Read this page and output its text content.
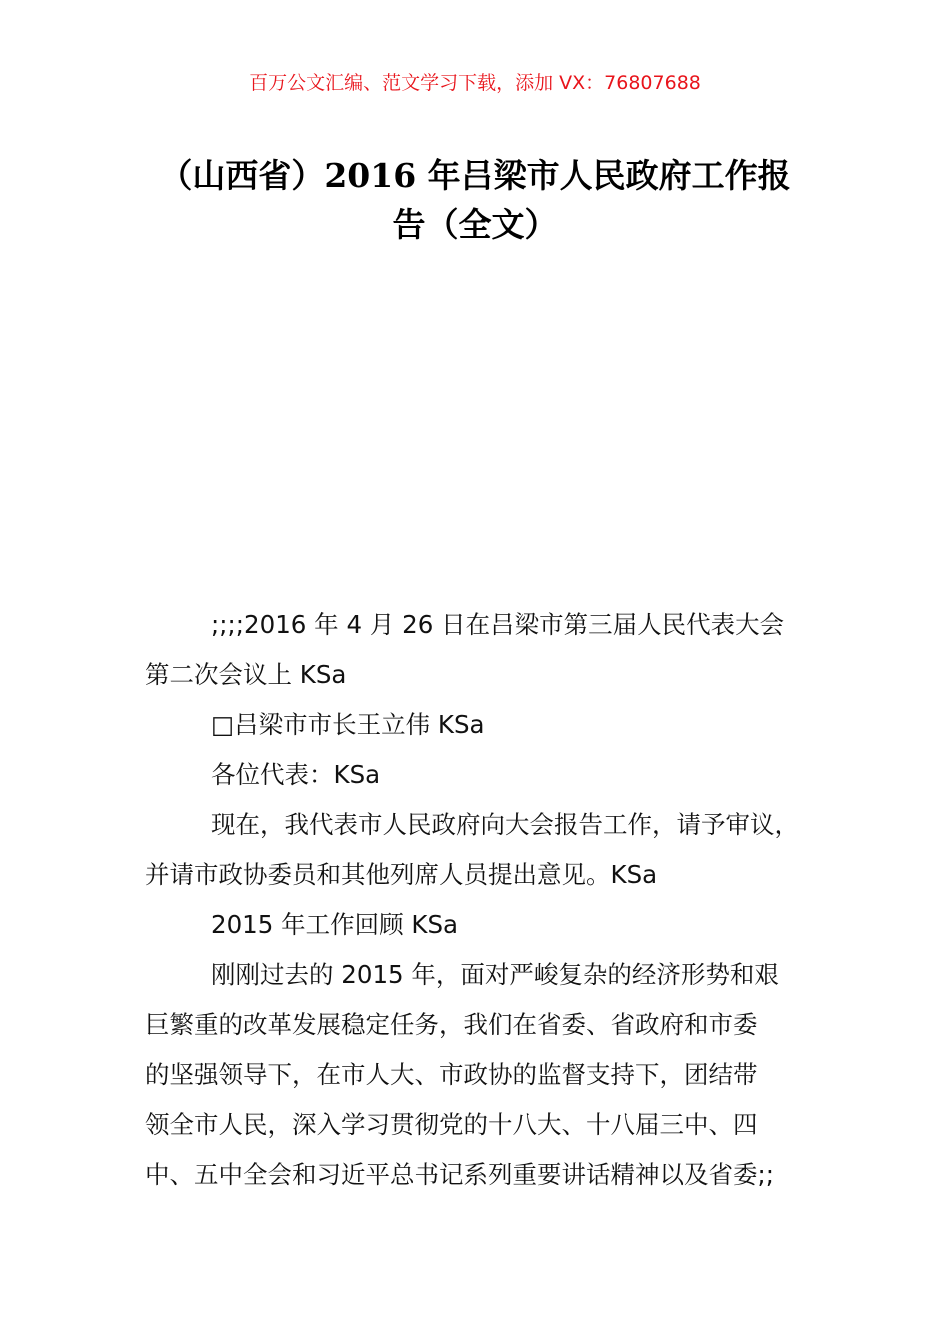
百万公文汇编、范文学习下载，添加 VX：76807688
（山西省）2016 年吕梁市人民政府工作报
告（全文）
;;;;2016 年 4 月 26 日在吕梁市第三届人民代表大会
第二次会议上 KSa
□吕梁市市长王立伟 KSa
各位代表：KSa
现在，我代表市人民政府向大会报告工作，请予审议，
并请市政协委员和其他列席人员提出意见。KSa
2015 年工作回顾 KSa
刚刚过去的 2015 年，面对严峻复杂的经济形势和艰
巨繁重的改革发展稳定任务，我们在省委、省政府和市委
的坚强领导下，在市人大、市政协的监督支持下，团结带
领全市人民，深入学习贯彻党的十八大、十八届三中、四
中、五中全会和习近平总书记系列重要讲话精神以及省委;;
